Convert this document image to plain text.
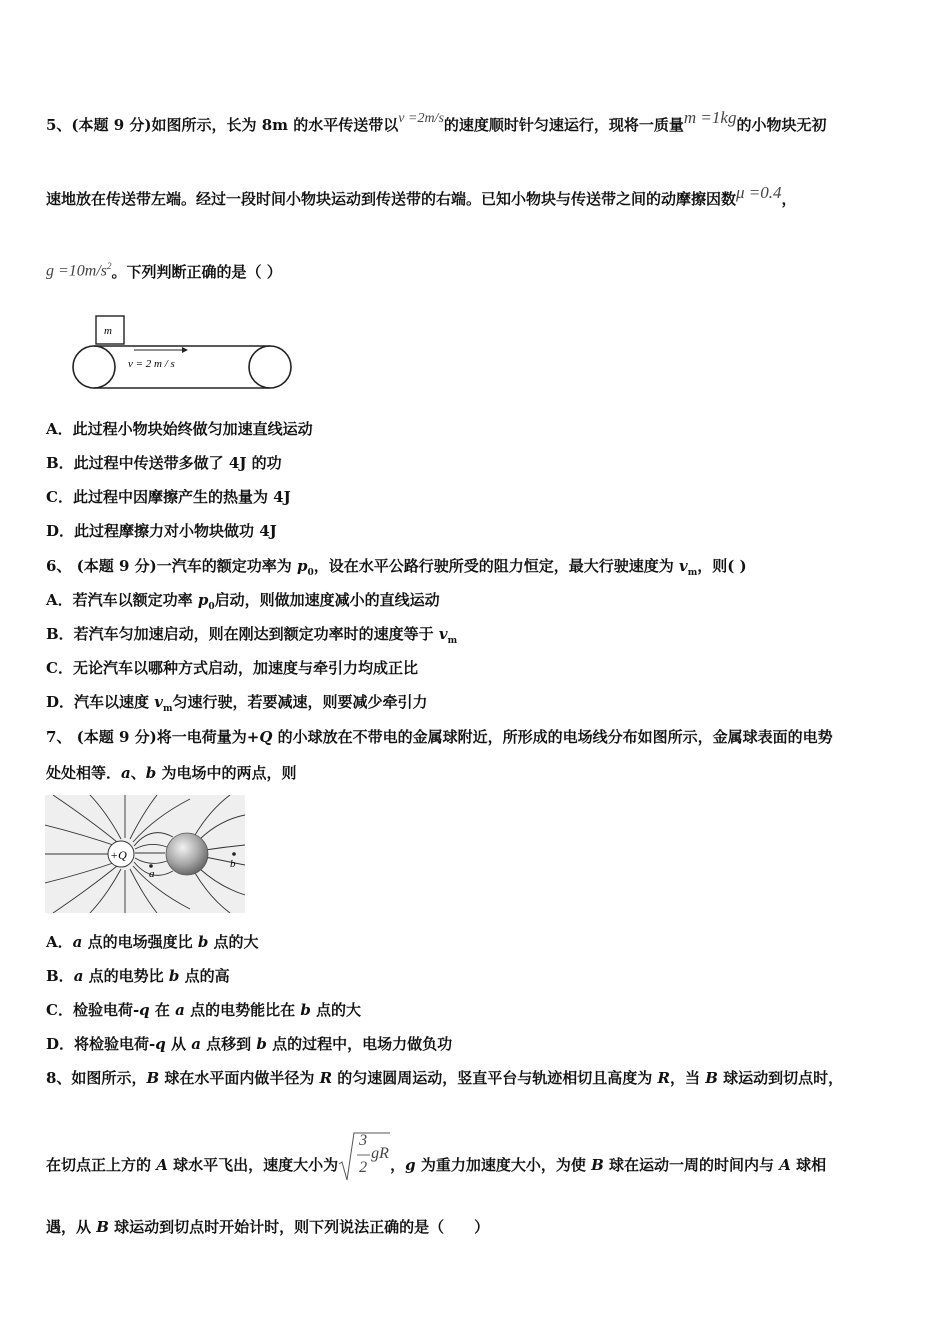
5、(本题 9 分)如图所示，长为 8m 的水平传送带以v =2m/s的速度顺时针匀速运行，现将一质量m =1kg的小物块无初
速地放在传送带左端。经过一段时间小物块运动到传送带的右端。已知小物块与传送带之间的动摩擦因数μ =0.4，
$g =10m/s^2$。下列判断正确的是（ ）
m
v = 2 m / s
A．此过程小物块始终做匀加速直线运动
B．此过程中传送带多做了 4J 的功
C．此过程中因摩擦产生的热量为 4J
D．此过程摩擦力对小物块做功 4J
6、 (本题 9 分)一汽车的额定功率为 $p_0$，设在水平公路行驶所受的阻力恒定，最大行驶速度为 $v_m$，则( )
A．若汽车以额定功率 $p_0$启动，则做加速度减小的直线运动
B．若汽车匀加速启动，则在刚达到额定功率时的速度等于 $v_m$
C．无论汽车以哪种方式启动，加速度与牵引力均成正比
D．汽车以速度 $v_m$匀速行驶，若要减速，则要减少牵引力
7、 (本题 9 分)将一电荷量为+Q 的小球放在不带电的金属球附近，所形成的电场线分布如图所示，金属球表面的电势
处处相等．a、b 为电场中的两点，则
+Q
a
b
A．a 点的电场强度比 b 点的大
B．a 点的电势比 b 点的高
C．检验电荷-q 在 a 点的电势能比在 b 点的大
D．将检验电荷-q 从 a 点移到 b 点的过程中，电场力做负功
8、如图所示，B 球在水平面内做半径为 R 的匀速圆周运动，竖直平台与轨迹相切且高度为 R，当 B 球运动到切点时，
在切点正上方的 A 球水平飞出，速度大小为
3
2
gR
，g 为重力加速度大小，为使 B 球在运动一周的时间内与 A 球相
遇，从 B 球运动到切点时开始计时，则下列说法正确的是（　　）
